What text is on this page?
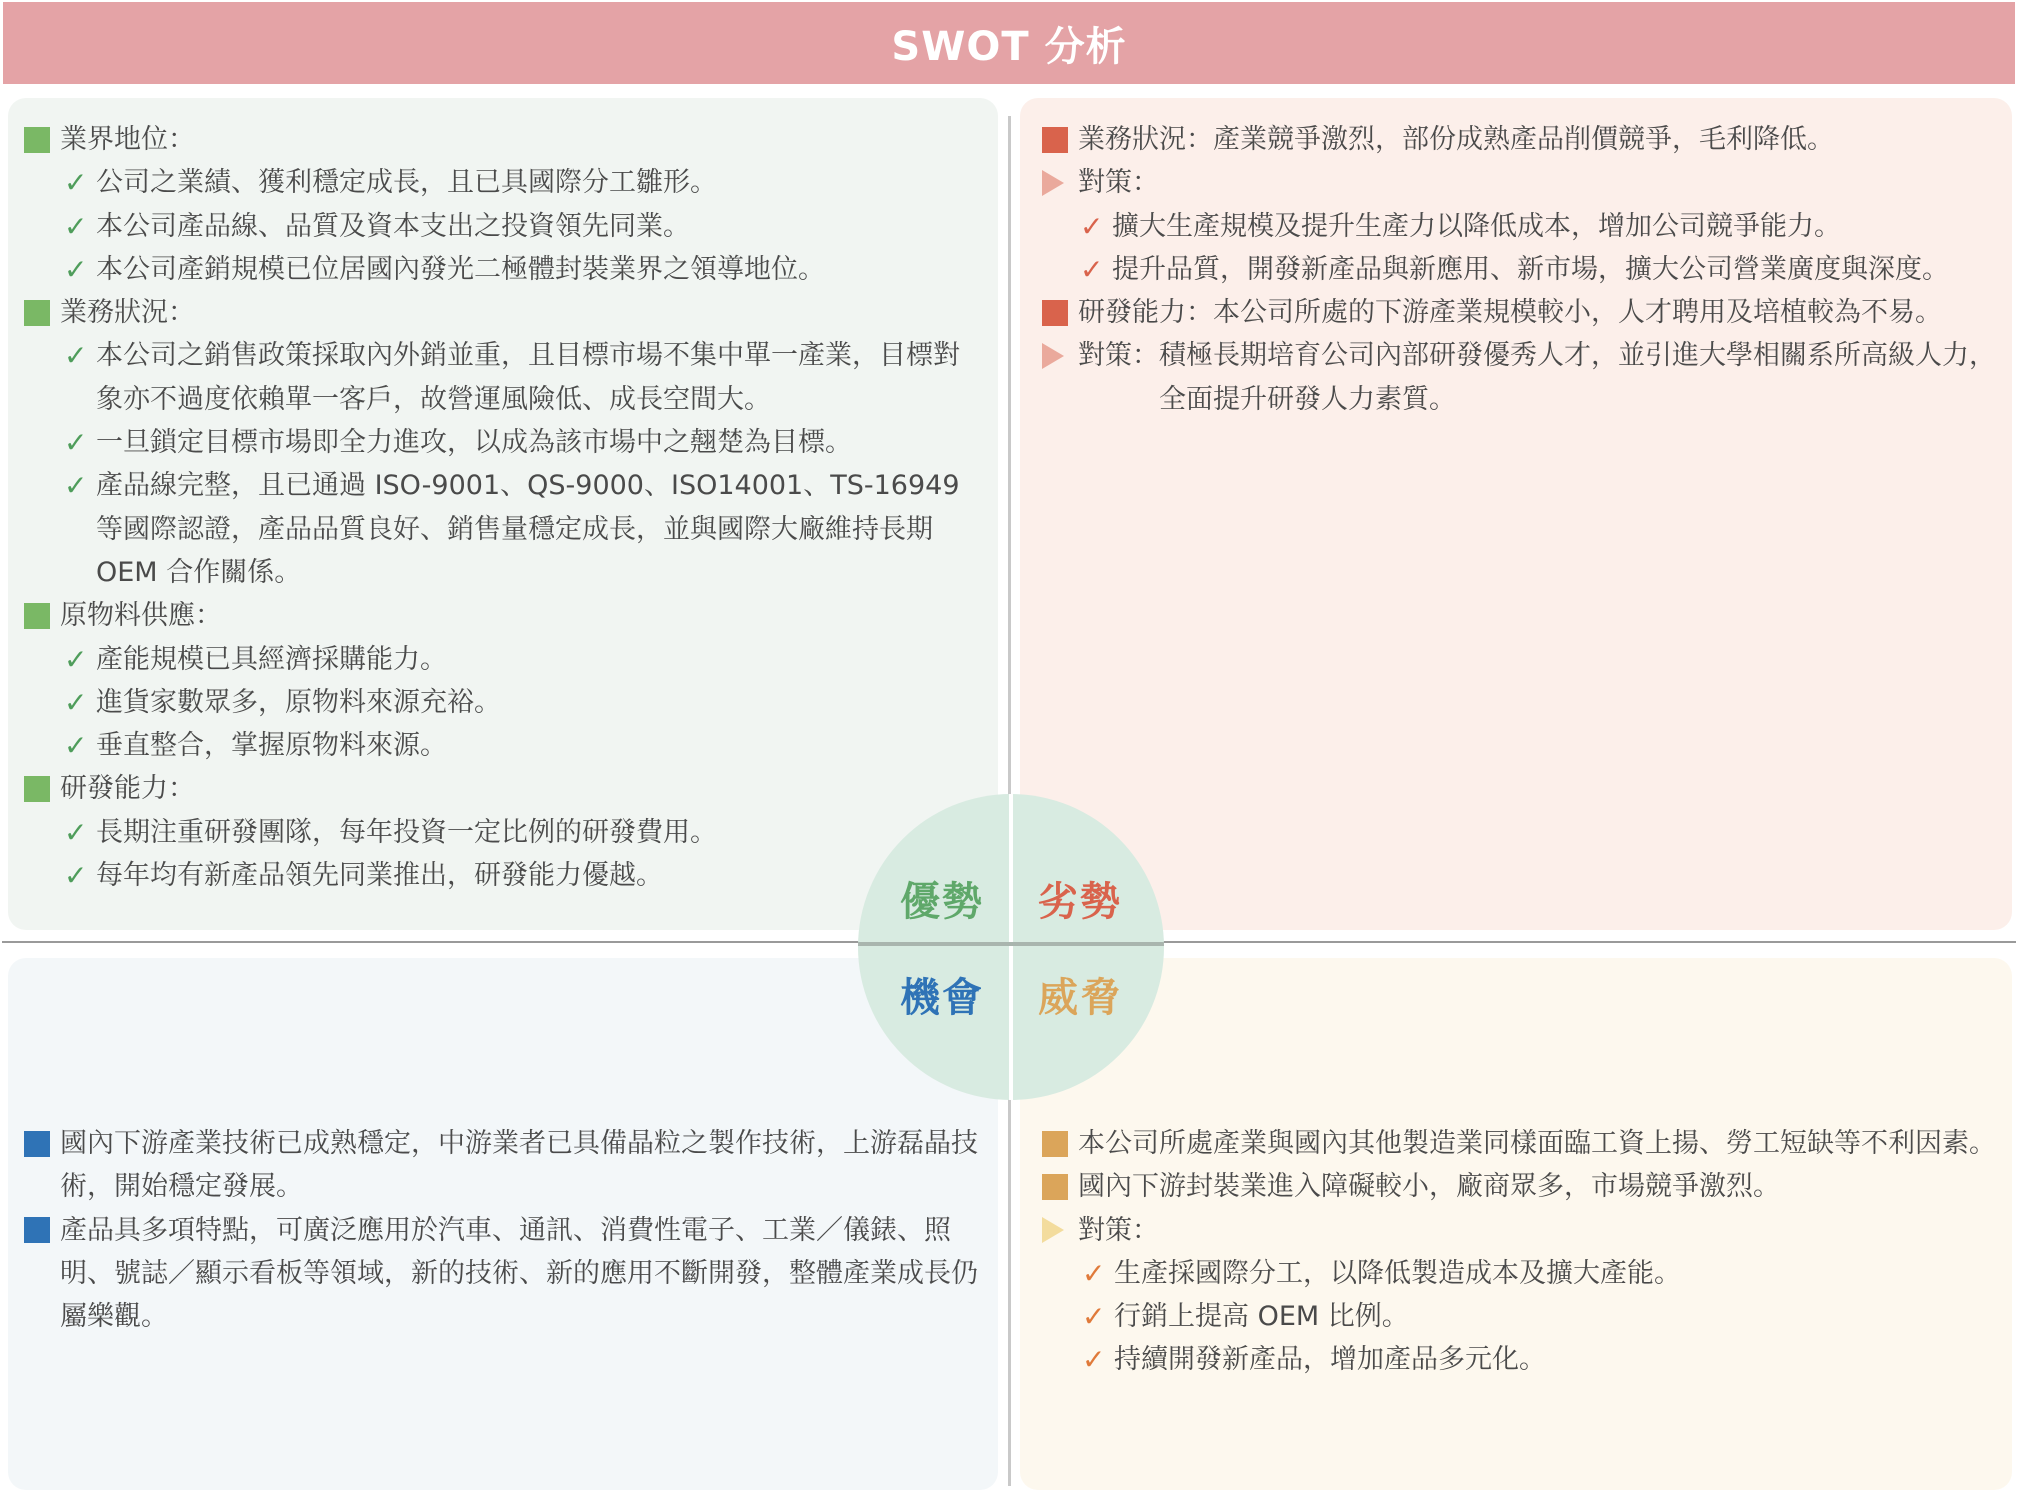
SWOT 分析
業界地位：
✓ 公司之業績、獲利穩定成長，且已具國際分工雛形。
✓ 本公司產品線、品質及資本支出之投資領先同業。
✓ 本公司產銷規模已位居國內發光二極體封裝業界之領導地位。
業務狀況：
✓ 本公司之銷售政策採取內外銷並重，且目標市場不集中單一產業，目標對象亦不過度依賴單一客戶，故營運風險低、成長空間大。
✓ 一旦鎖定目標市場即全力進攻，以成為該市場中之翹楚為目標。
✓ 產品線完整，且已通過 ISO-9001、QS-9000、ISO14001、TS-16949 等國際認證，產品品質良好、銷售量穩定成長，並與國際大廠維持長期 OEM 合作關係。
原物料供應：
✓ 產能規模已具經濟採購能力。
✓ 進貨家數眾多，原物料來源充裕。
✓ 垂直整合，掌握原物料來源。
研發能力：
✓ 長期注重研發團隊，每年投資一定比例的研發費用。
✓ 每年均有新產品領先同業推出，研發能力優越。
業務狀況：產業競爭激烈，部份成熟產品削價競爭，毛利降低。
對策：
✓ 擴大生產規模及提升生產力以降低成本，增加公司競爭能力。
✓ 提升品質，開發新產品與新應用、新市場，擴大公司營業廣度與深度。
研發能力：本公司所處的下游產業規模較小，人才聘用及培植較為不易。
對策： 積極長期培育公司內部研發優秀人才，並引進大學相關系所高級人力，全面提升研發人力素質。
國內下游產業技術已成熟穩定，中游業者已具備晶粒之製作技術，上游磊晶技術，開始穩定發展。
產品具多項特點，可廣泛應用於汽車、通訊、消費性電子、工業／儀錶、照明、號誌／顯示看板等領域，新的技術、新的應用不斷開發，整體產業成長仍屬樂觀。
本公司所處產業與國內其他製造業同樣面臨工資上揚、勞工短缺等不利因素。
國內下游封裝業進入障礙較小，廠商眾多，市場競爭激烈。
對策：
✓ 生產採國際分工，以降低製造成本及擴大產能。
✓ 行銷上提高 OEM 比例。
✓ 持續開發新產品，增加產品多元化。
優勢	劣勢
機會	威脅
